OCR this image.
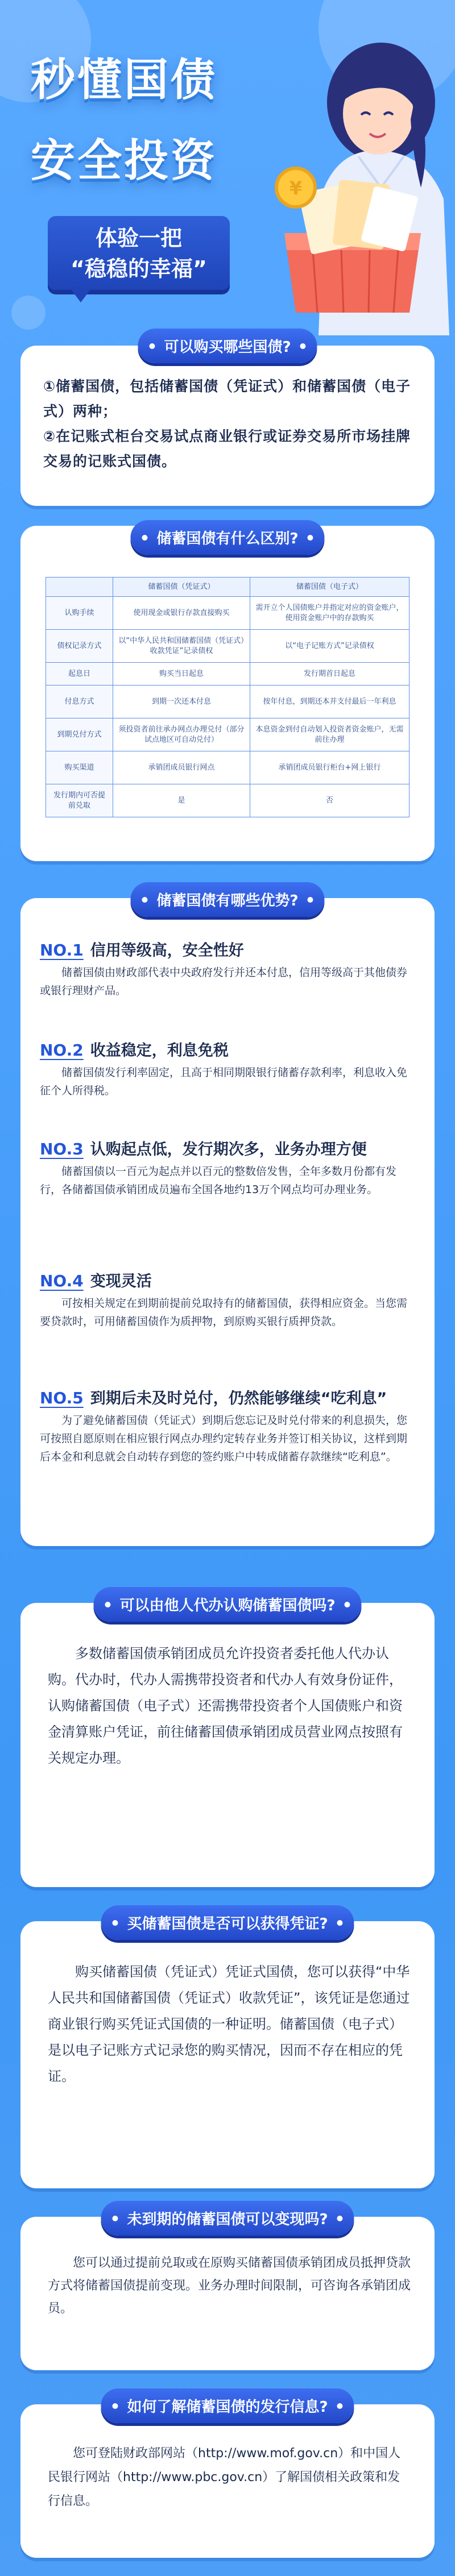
秒懂国债
安全投资
体验一把
“稳稳的幸福”
¥
可以购买哪些国债?

①储蓄国债，包括储蓄国债（凭证式）和储蓄国债（电子式）两种；

②在记账式柜台交易试点商业银行或证券交易所市场挂牌交易的记账式国债。

储蓄国债有什么区别?
	储蓄国债（凭证式）	储蓄国债（电子式）
认购手续	使用现金或银行存款直接购买	需开立个人国债账户并指定对应的资金账户，使用资金账户中的存款购买
债权记录方式	以“中华人民共和国储蓄国债（凭证式）收款凭证”记录债权	以“电子记账方式”记录债权
起息日	购买当日起息	发行期首日起息
付息方式	到期一次还本付息	按年付息，到期还本并支付最后一年利息
到期兑付方式	须投资者前往承办网点办理兑付（部分试点地区可自动兑付）	本息资金到付自动划入投资者资金账户，无需前往办理
购买渠道	承销团成员银行网点	承销团成员银行柜台+网上银行
发行期内可否提前兑取	是	否
储蓄国债有哪些优势?
NO.1 信用等级高，安全性好

储蓄国债由财政部代表中央政府发行并还本付息，信用等级高于其他债券或银行理财产品。

NO.2 收益稳定，利息免税

储蓄国债发行利率固定，且高于相同期限银行储蓄存款利率，利息收入免征个人所得税。

NO.3 认购起点低，发行期次多，业务办理方便

储蓄国债以一百元为起点并以百元的整数倍发售，全年多数月份都有发行，各储蓄国债承销团成员遍布全国各地约13万个网点均可办理业务。

NO.4 变现灵活

可按相关规定在到期前提前兑取持有的储蓄国债，获得相应资金。当您需要贷款时，可用储蓄国债作为质押物，到原购买银行质押贷款。

NO.5 到期后未及时兑付，仍然能够继续“吃利息”

为了避免储蓄国债（凭证式）到期后您忘记及时兑付带来的利息损失，您可按照自愿原则在相应银行网点办理约定转存业务并签订相关协议，这样到期后本金和利息就会自动转存到您的签约账户中转成储蓄存款继续“吃利息”。

可以由他人代办认购储蓄国债吗?

多数储蓄国债承销团成员允许投资者委托他人代办认购。代办时，代办人需携带投资者和代办人有效身份证件，认购储蓄国债（电子式）还需携带投资者个人国债账户和资金清算账户凭证，前往储蓄国债承销团成员营业网点按照有关规定办理。

买储蓄国债是否可以获得凭证?

购买储蓄国债（凭证式）凭证式国债，您可以获得“中华人民共和国储蓄国债（凭证式）收款凭证”，该凭证是您通过商业银行购买凭证式国债的一种证明。储蓄国债（电子式）是以电子记账方式记录您的购买情况，因而不存在相应的凭证。

未到期的储蓄国债可以变现吗?

您可以通过提前兑取或在原购买储蓄国债承销团成员抵押贷款方式将储蓄国债提前变现。业务办理时间限制，可咨询各承销团成员。

如何了解储蓄国债的发行信息?

您可登陆财政部网站（http://www.mof.gov.cn）和中国人民银行网站（http://www.pbc.gov.cn）了解国债相关政策和发行信息。
